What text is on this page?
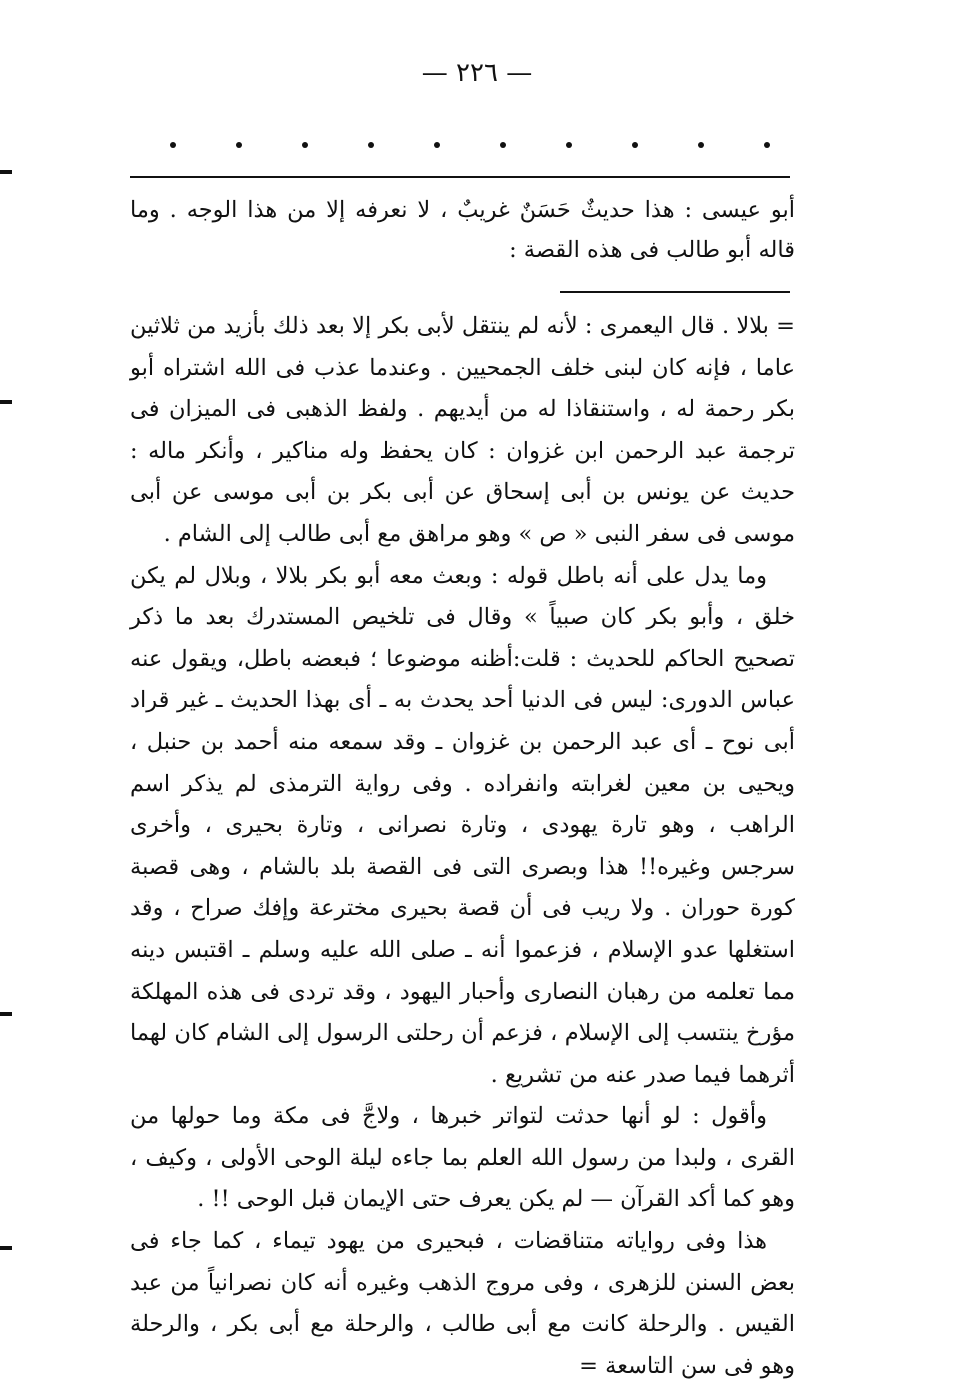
— ٢٢٦ —

أبو عيسى : هذا حديثٌ حَسَنٌ غريبٌ ، لا نعرفه إلا من هذا الوجه . وما قاله أبو طالب فى هذه القصة :

= بلالا . قال اليعمرى : لأنه لم ينتقل لأبى بكر إلا بعد ذلك بأزيد من ثلاثين عاما ، فإنه كان لبنى خلف الجمحيين . وعندما عذب فى الله اشتراه أبو بكر رحمة له ، واستنقاذا له من أيديهم . ولفظ الذهبى فى الميزان فى ترجمة عبد الرحمن ابن غزوان : كان يحفظ وله مناكير ، وأنكر ماله : حديث عن يونس بن أبى إسحاق عن أبى بكر بن أبى موسى عن أبى موسى فى سفر النبى « ص » وهو مراهق مع أبى طالب إلى الشام .

وما يدل على أنه باطل قوله : وبعث معه أبو بكر بلالا ، وبلال لم يكن خلق ، وأبو بكر كان صبياً » وقال فى تلخيص المستدرك بعد ما ذكر تصحيح الحاكم للحديث : قلت:أظنه موضوعا ؛ فبعضه باطل، ويقول عنه عباس الدورى: ليس فى الدنيا أحد يحدث به ـ أى بهذا الحديث ـ غير قراد أبى نوح ـ أى عبد الرحمن بن غزوان ـ وقد سمعه منه أحمد بن حنبل ، ويحيى بن معين لغرابته وانفراده . وفى رواية الترمذى لم يذكر اسم الراهب ، وهو تارة يهودى ، وتارة نصرانى ، وتارة بحيرى ، وأخرى سرجس وغيره!! هذا وبصرى التى فى القصة بلد بالشام ، وهى قصبة كورة حوران . ولا ريب فى أن قصة بحيرى مخترعة وإفك صراح ، وقد استغلها عدو الإسلام ، فزعموا أنه ـ صلى الله عليه وسلم ـ اقتبس دينه مما تعلمه من رهبان النصارى وأحبار اليهود ، وقد تردى فى هذه المهلكة مؤرخ ينتسب إلى الإسلام ، فزعم أن رحلتى الرسول إلى الشام كان لهما أثرهما فيما صدر عنه من تشريع .

وأقول : لو أنها حدثت لتواتر خبرها ، ولاجَّ فى مكة وما حولها من القرى ، ولبدا من رسول الله العلم بما جاءه ليلة الوحى الأولى ، وكيف ، وهو كما أكد القرآن — لم يكن يعرف حتى الإيمان قبل الوحى !! .

هذا وفى رواياته متناقضات ، فبحيرى من يهود تيماء ، كما جاء فى بعض السنن للزهرى ، وفى مروج الذهب وغيره أنه كان نصرانياً من عبد القيس . والرحلة كانت مع أبى طالب ، والرحلة مع أبى بكر ، والرحلة وهو فى سن التاسعة =
